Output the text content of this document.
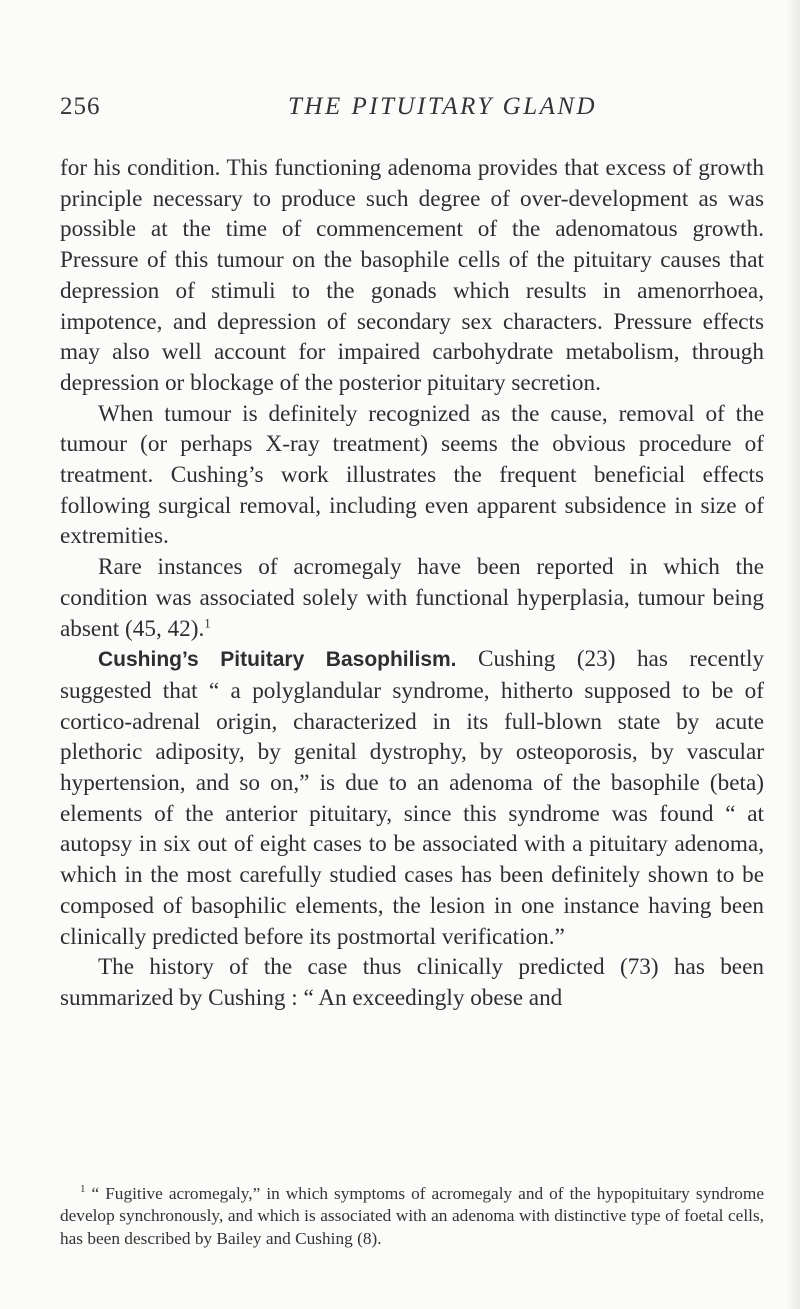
256	THE PITUITARY GLAND

for his condition. This functioning adenoma provides that excess of growth principle necessary to produce such degree of over-development as was possible at the time of commencement of the adenomatous growth. Pressure of this tumour on the basophile cells of the pituitary causes that depression of stimuli to the gonads which results in amenorrhoea, impotence, and depression of secondary sex characters. Pressure effects may also well account for impaired carbohydrate metabolism, through depression or blockage of the posterior pituitary secretion.

When tumour is definitely recognized as the cause, removal of the tumour (or perhaps X-ray treatment) seems the obvious procedure of treatment. Cushing’s work illustrates the frequent beneficial effects following surgical removal, including even apparent subsidence in size of extremities.

Rare instances of acromegaly have been reported in which the condition was associated solely with functional hyperplasia, tumour being absent (45, 42).$^1$

Cushing’s Pituitary Basophilism. Cushing (23) has recently suggested that “ a polyglandular syndrome, hitherto supposed to be of cortico-adrenal origin, characterized in its full-blown state by acute plethoric adiposity, by genital dystrophy, by osteoporosis, by vascular hypertension, and so on,” is due to an adenoma of the basophile (beta) elements of the anterior pituitary, since this syndrome was found “ at autopsy in six out of eight cases to be associated with a pituitary adenoma, which in the most carefully studied cases has been definitely shown to be composed of basophilic elements, the lesion in one instance having been clinically predicted before its postmortal verification.”

The history of the case thus clinically predicted (73) has been summarized by Cushing : “ An exceedingly obese and

$^1$ “ Fugitive acromegaly,” in which symptoms of acromegaly and of the hypopituitary syndrome develop synchronously, and which is associated with an adenoma with distinctive type of foetal cells, has been described by Bailey and Cushing (8).
